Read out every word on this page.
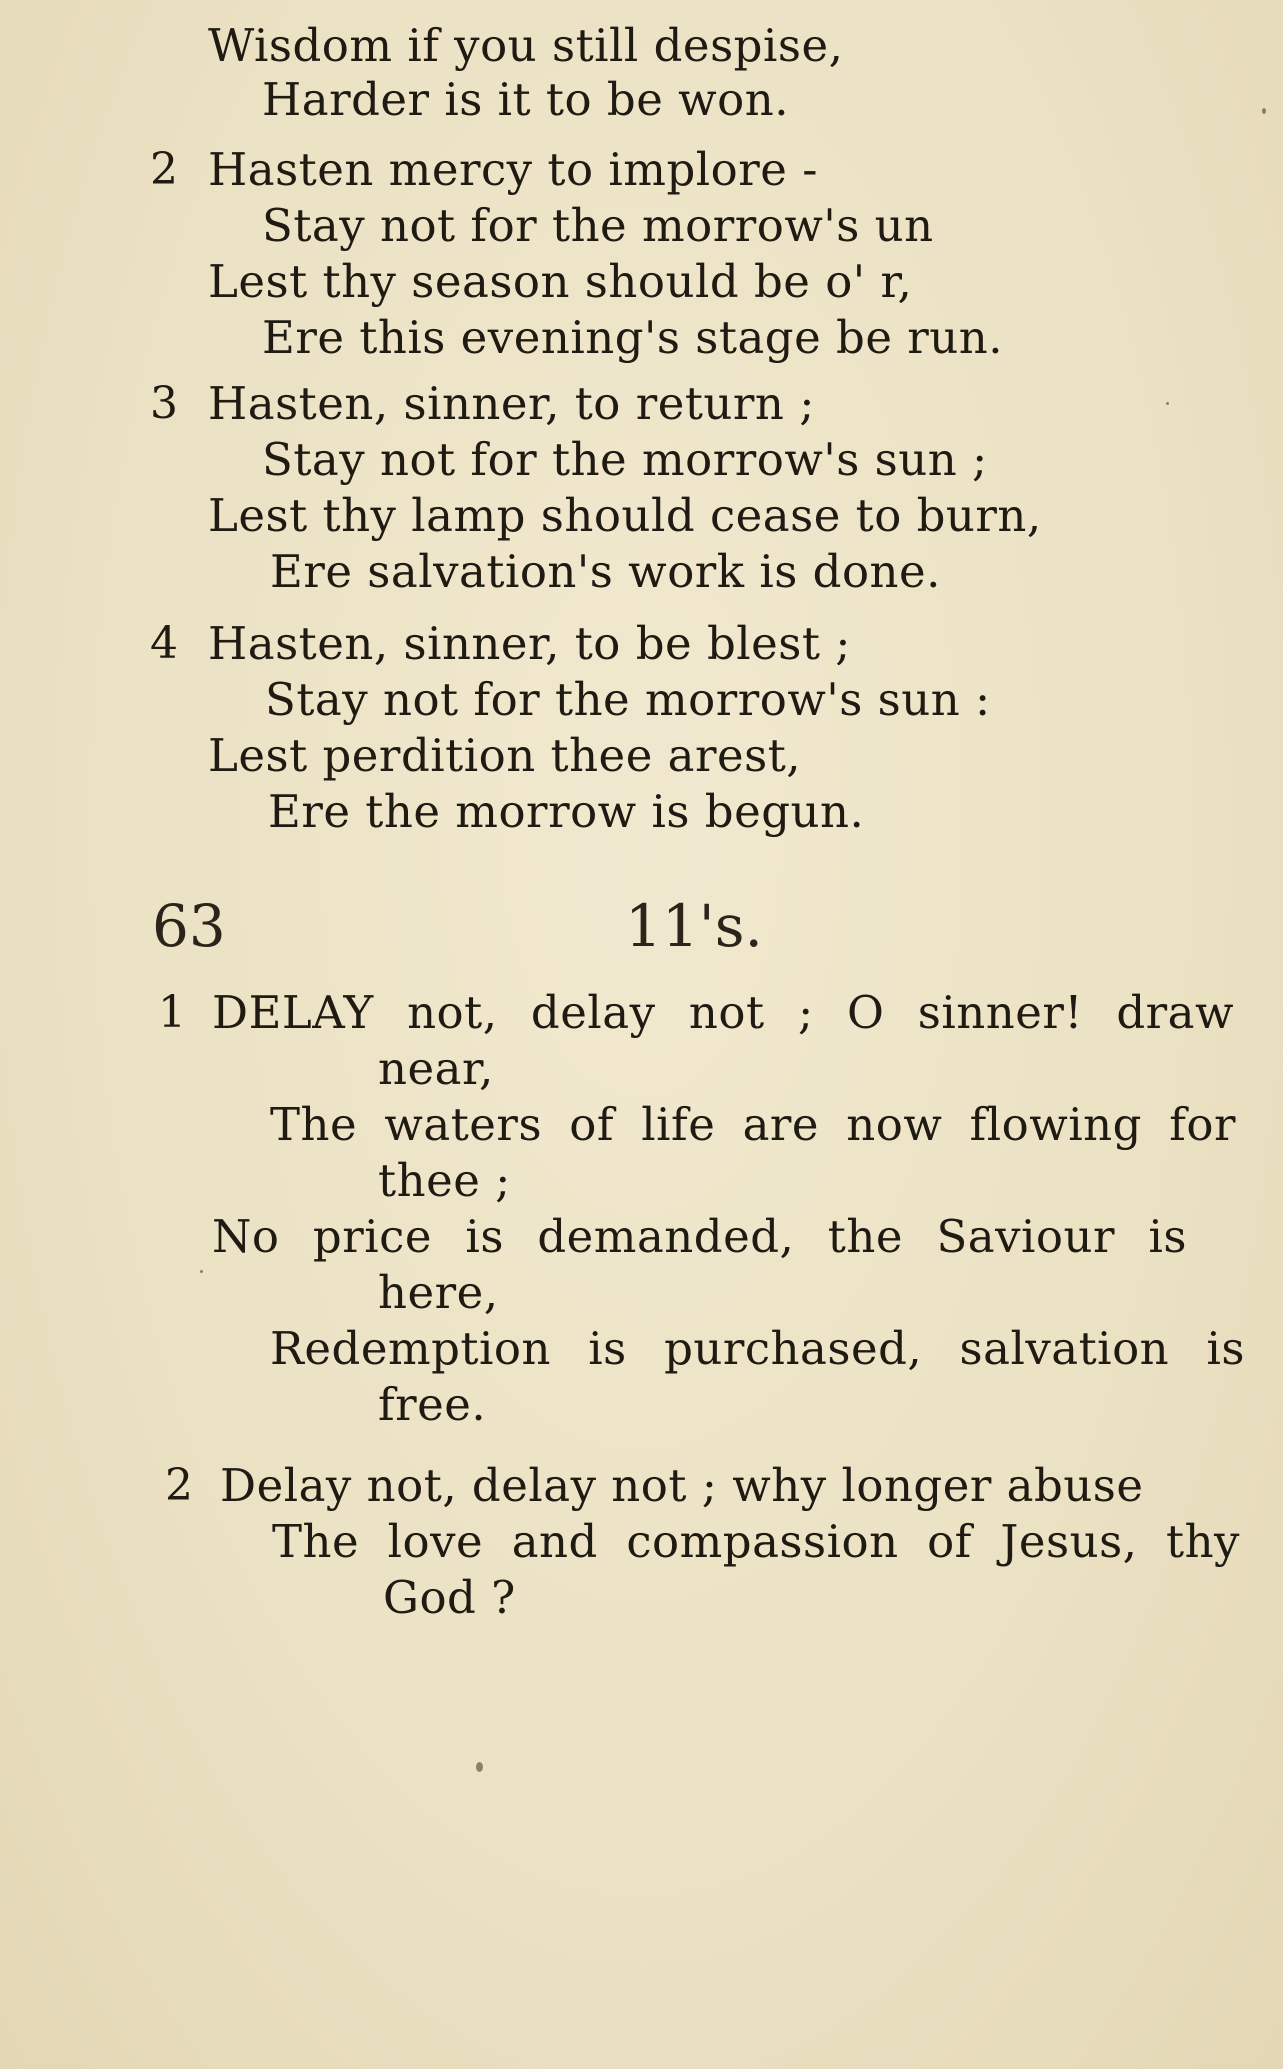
Wisdom if you still despise,
Harder is it to be won.
2 Hasten mercy to implore -
Stay not for the morrow's un
Lest thy season should be o' r,
Ere this evening's stage be run.
3 Hasten, sinner, to return ;
Stay not for the morrow's sun ;
Lest thy lamp should cease to burn,
Ere salvation's work is done.
4 Hasten, sinner, to be blest ;
Stay not for the morrow's sun :
Lest perdition thee arest,
Ere the morrow is begun.
63	11's.
1 DELAY not, delay not ; O sinner! draw
near,
The waters of life are now flowing for
thee ;
No price is demanded, the Saviour is
here,
Redemption is purchased, salvation is
free.
2 Delay not, delay not ; why longer abuse
The love and compassion of Jesus, thy
God ?
